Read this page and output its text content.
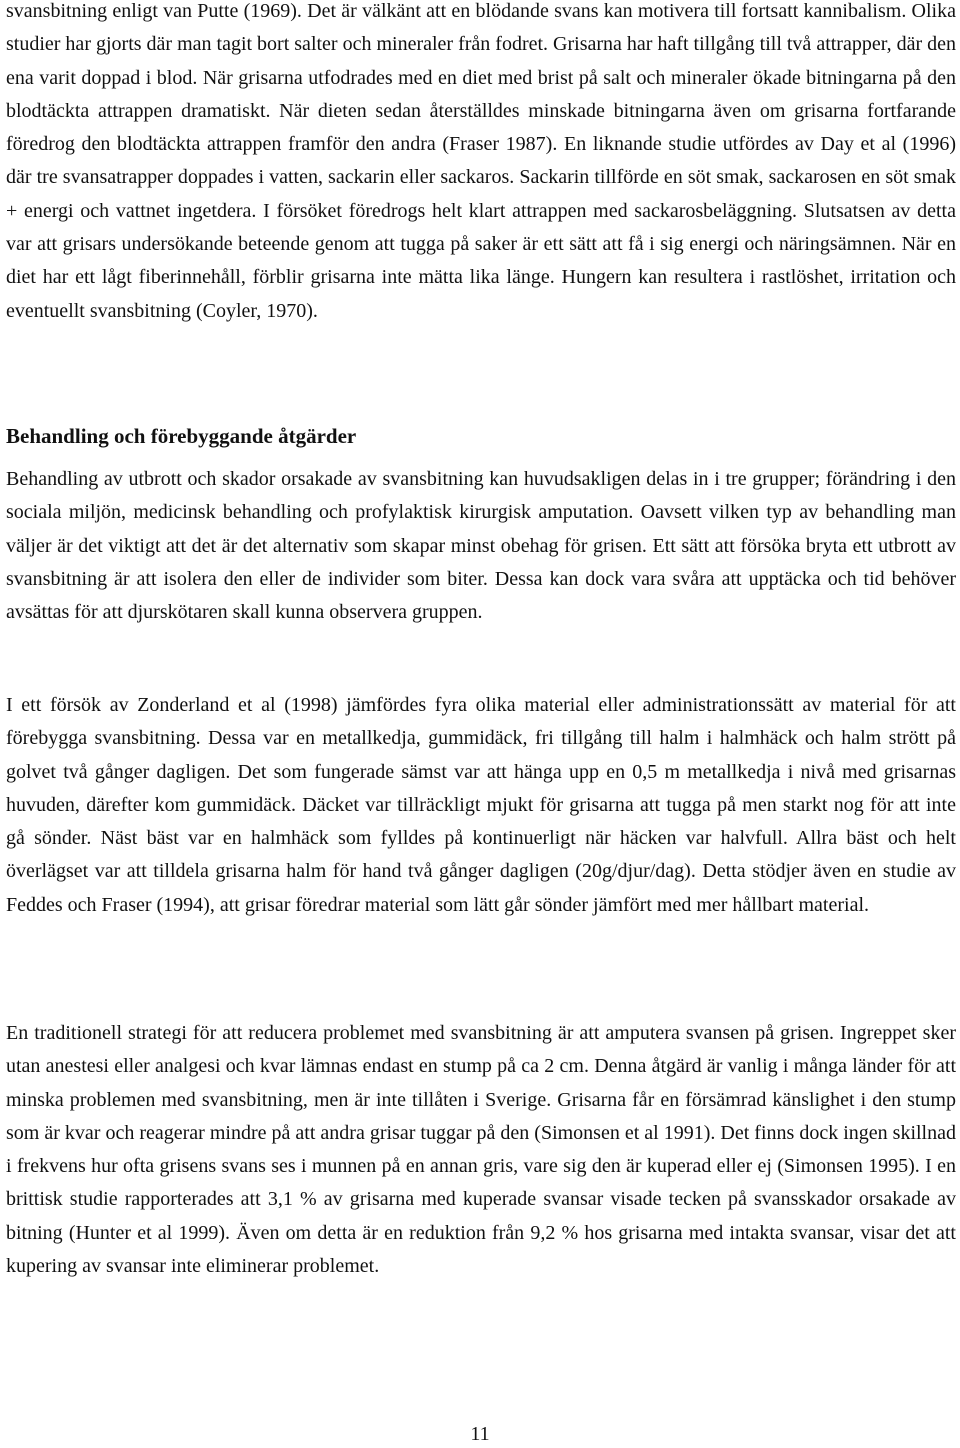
svansbitning enligt van Putte (1969). Det är välkänt att en blödande svans kan motivera till fortsatt kannibalism. Olika studier har gjorts där man tagit bort salter och mineraler från fodret. Grisarna har haft tillgång till två attrapper, där den ena varit doppad i blod. När grisarna utfodrades med en diet med brist på salt och mineraler ökade bitningarna på den blodtäckta attrappen dramatiskt. När dieten sedan återställdes minskade bitningarna även om grisarna fortfarande föredrog den blodtäckta attrappen framför den andra (Fraser 1987). En liknande studie utfördes av Day et al (1996) där tre svansatrapper doppades i vatten, sackarin eller sackaros. Sackarin tillförde en söt smak, sackarosen en söt smak + energi och vattnet ingetdera. I försöket föredrogs helt klart attrappen med sackarosbeläggning. Slutsatsen av detta var att grisars undersökande beteende genom att tugga på saker är ett sätt att få i sig energi och näringsämnen. När en diet har ett lågt fiberinnehåll, förblir grisarna inte mätta lika länge. Hungern kan resultera i rastlöshet, irritation och eventuellt svansbitning (Coyler, 1970).

Behandling och förebyggande åtgärder

Behandling av utbrott och skador orsakade av svansbitning kan huvudsakligen delas in i tre grupper; förändring i den sociala miljön, medicinsk behandling och profylaktisk kirurgisk amputation. Oavsett vilken typ av behandling man väljer är det viktigt att det är det alternativ som skapar minst obehag för grisen. Ett sätt att försöka bryta ett utbrott av svansbitning är att isolera den eller de individer som biter. Dessa kan dock vara svåra att upptäcka och tid behöver avsättas för att djurskötaren skall kunna observera gruppen.

I ett försök av Zonderland et al (1998) jämfördes fyra olika material eller administrationssätt av material för att förebygga svansbitning. Dessa var en metallkedja, gummidäck, fri tillgång till halm i halmhäck och halm strött på golvet två gånger dagligen. Det som fungerade sämst var att hänga upp en 0,5 m metallkedja i nivå med grisarnas huvuden, därefter kom gummidäck. Däcket var tillräckligt mjukt för grisarna att tugga på men starkt nog för att inte gå sönder. Näst bäst var en halmhäck som fylldes på kontinuerligt när häcken var halvfull. Allra bäst och helt överlägset var att tilldela grisarna halm för hand två gånger dagligen (20g/djur/dag). Detta stödjer även en studie av Feddes och Fraser (1994), att grisar föredrar material som lätt går sönder jämfört med mer hållbart material.

En traditionell strategi för att reducera problemet med svansbitning är att amputera svansen på grisen. Ingreppet sker utan anestesi eller analgesi och kvar lämnas endast en stump på ca 2 cm. Denna åtgärd är vanlig i många länder för att minska problemen med svansbitning, men är inte tillåten i Sverige. Grisarna får en försämrad känslighet i den stump som är kvar och reagerar mindre på att andra grisar tuggar på den (Simonsen et al 1991). Det finns dock ingen skillnad i frekvens hur ofta grisens svans ses i munnen på en annan gris, vare sig den är kuperad eller ej (Simonsen 1995). I en brittisk studie rapporterades att 3,1 % av grisarna med kuperade svansar visade tecken på svansskador orsakade av bitning (Hunter et al 1999). Även om detta är en reduktion från 9,2 % hos grisarna med intakta svansar, visar det att kupering av svansar inte eliminerar problemet.

11
